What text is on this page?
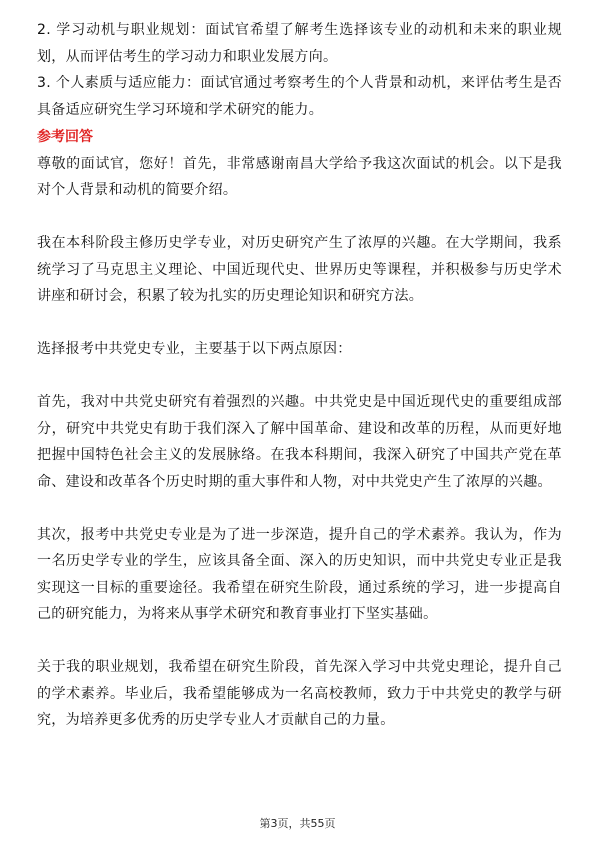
2. 学习动机与职业规划：面试官希望了解考生选择该专业的动机和未来的职业规划，从而评估考生的学习动力和职业发展方向。

3. 个人素质与适应能力：面试官通过考察考生的个人背景和动机，来评估考生是否具备适应研究生学习环境和学术研究的能力。

参考回答

尊敬的面试官，您好！首先，非常感谢南昌大学给予我这次面试的机会。以下是我对个人背景和动机的简要介绍。

我在本科阶段主修历史学专业，对历史研究产生了浓厚的兴趣。在大学期间，我系统学习了马克思主义理论、中国近现代史、世界历史等课程，并积极参与历史学术讲座和研讨会，积累了较为扎实的历史理论知识和研究方法。

选择报考中共党史专业，主要基于以下两点原因：

首先，我对中共党史研究有着强烈的兴趣。中共党史是中国近现代史的重要组成部分，研究中共党史有助于我们深入了解中国革命、建设和改革的历程，从而更好地把握中国特色社会主义的发展脉络。在我本科期间，我深入研究了中国共产党在革命、建设和改革各个历史时期的重大事件和人物，对中共党史产生了浓厚的兴趣。

其次，报考中共党史专业是为了进一步深造，提升自己的学术素养。我认为，作为一名历史学专业的学生，应该具备全面、深入的历史知识，而中共党史专业正是我实现这一目标的重要途径。我希望在研究生阶段，通过系统的学习，进一步提高自己的研究能力，为将来从事学术研究和教育事业打下坚实基础。

关于我的职业规划，我希望在研究生阶段，首先深入学习中共党史理论，提升自己的学术素养。毕业后，我希望能够成为一名高校教师，致力于中共党史的教学与研究，为培养更多优秀的历史学专业人才贡献自己的力量。

第3页，共55页
